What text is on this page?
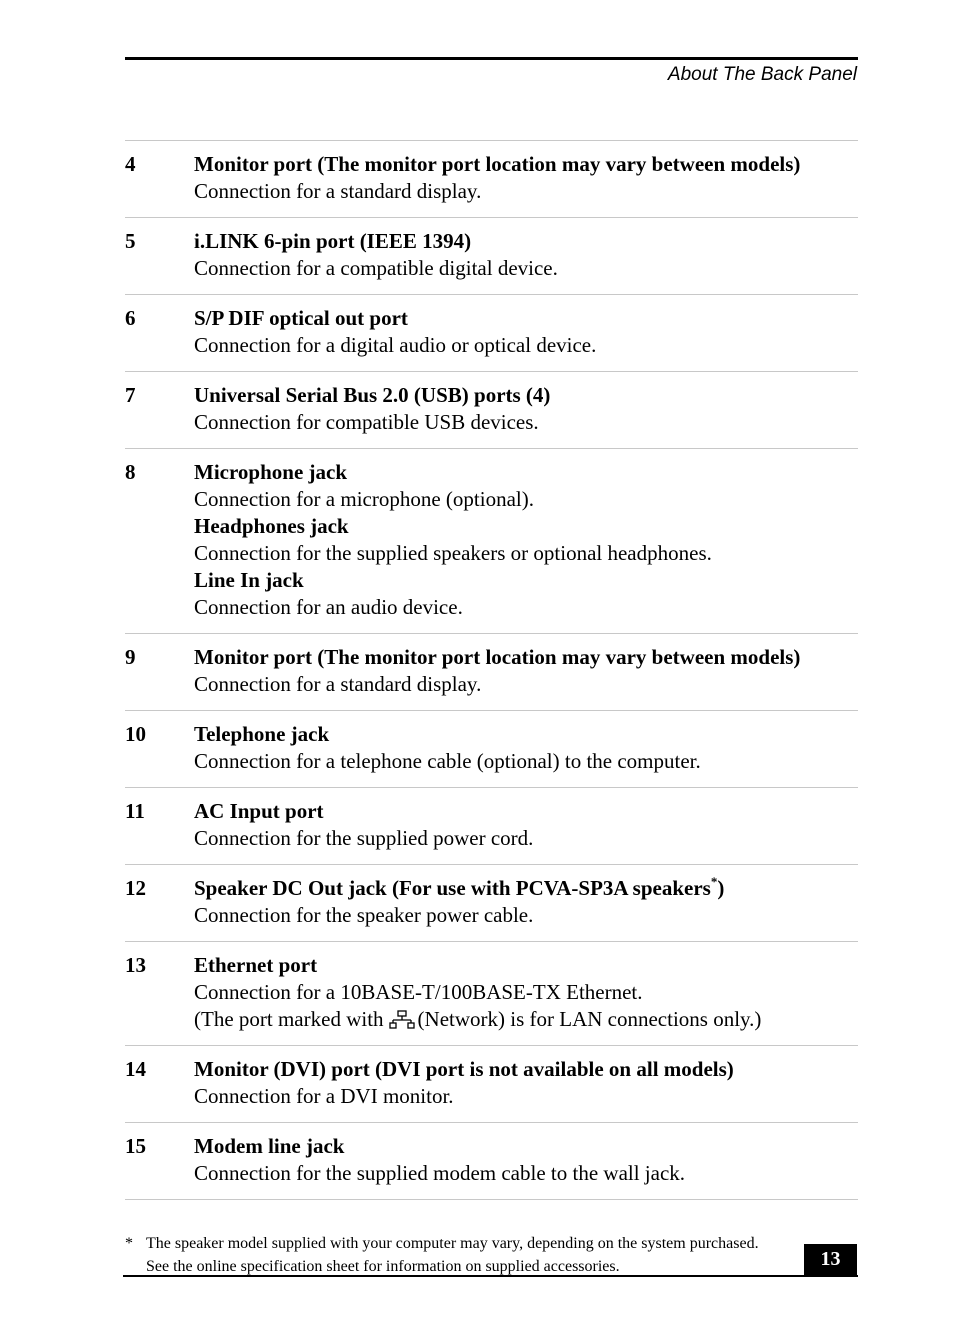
About The Back Panel
4	Monitor port (The monitor port location may vary between models)
Connection for a standard display.
5	i.LINK 6-pin port (IEEE 1394)
Connection for a compatible digital device.
6	S/P DIF optical out port
Connection for a digital audio or optical device.
7	Universal Serial Bus 2.0 (USB) ports (4)
Connection for compatible USB devices.
8	Microphone jack
Connection for a microphone (optional).
Headphones jack
Connection for the supplied speakers or optional headphones.
Line In jack
Connection for an audio device.
9	Monitor port (The monitor port location may vary between models)
Connection for a standard display.
10	Telephone jack
Connection for a telephone cable (optional) to the computer.
11	AC Input port
Connection for the supplied power cord.
12	Speaker DC Out jack (For use with PCVA-SP3A speakers*)
Connection for the speaker power cable.
13	Ethernet port
Connection for a 10BASE-T/100BASE-TX Ethernet.
(The port marked with (Network) is for LAN connections only.)
14	Monitor (DVI) port (DVI port is not available on all models)
Connection for a DVI monitor.
15	Modem line jack
Connection for the supplied modem cable to the wall jack.
* The speaker model supplied with your computer may vary, depending on the system purchased. See the online specification sheet for information on supplied accessories.	13
